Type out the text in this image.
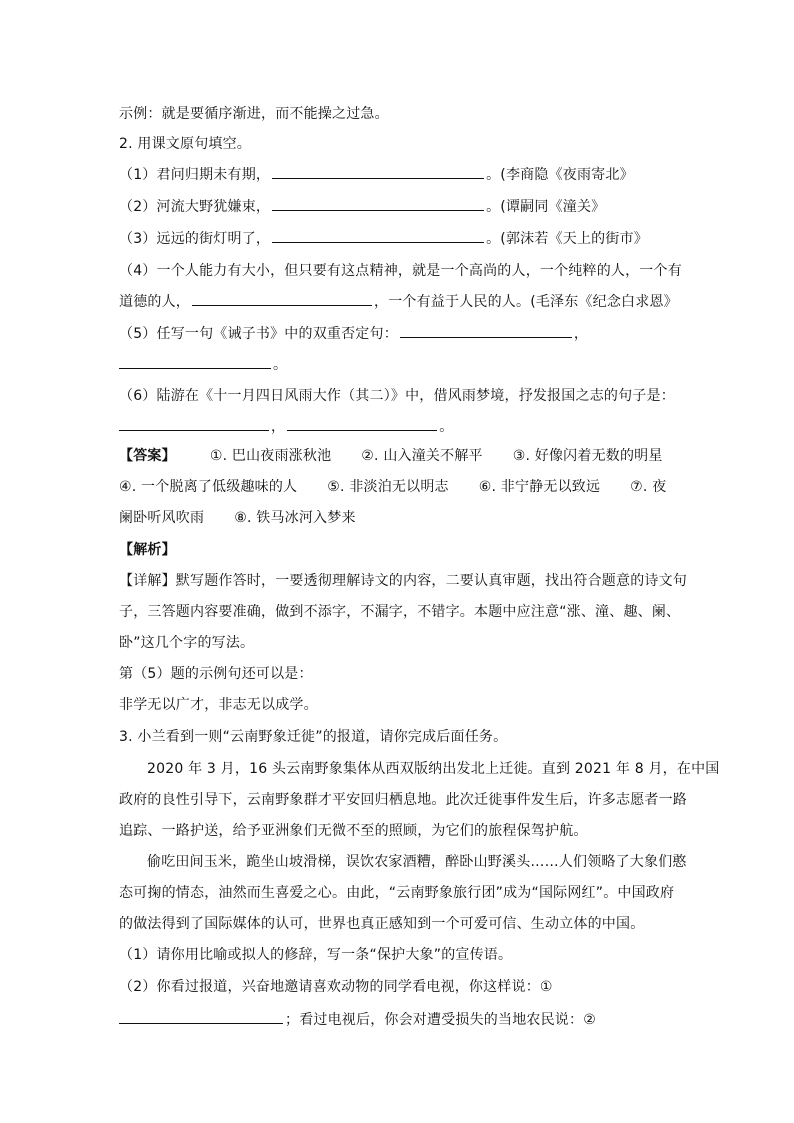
示例：就是要循序渐进，而不能操之过急。
2. 用课文原句填空。
（1）君问归期未有期，	。(李商隐《夜雨寄北》
（2）河流大野犹嫌束，	。(谭嗣同《潼关》
（3）远远的街灯明了，	。(郭沫若《天上的街市》
（4）一个人能力有大小，但只要有这点精神，就是一个高尚的人，一个纯粹的人，一个有
道德的人，	，一个有益于人民的人。(毛泽东《纪念白求恩》
（5）任写一句《诫子书》中的双重否定句：	，
。
（6）陆游在《十一月四日风雨大作（其二）》中，借风雨梦境，抒发报国之志的句子是：
，	。
【答案】 ①. 巴山夜雨涨秋池 ②. 山入潼关不解平 ③. 好像闪着无数的明星
④. 一个脱离了低级趣味的人 ⑤. 非淡泊无以明志 ⑥. 非宁静无以致远 ⑦. 夜
阑卧听风吹雨 ⑧. 铁马冰河入梦来
【解析】
【详解】默写题作答时，一要透彻理解诗文的内容，二要认真审题，找出符合题意的诗文句
子，三答题内容要准确，做到不添字，不漏字，不错字。本题中应注意“涨、潼、趣、阑、
卧”这几个字的写法。
第（5）题的示例句还可以是：
非学无以广才，非志无以成学。
3. 小兰看到一则“云南野象迁徙”的报道，请你完成后面任务。
2020 年 3 月，16 头云南野象集体从西双版纳出发北上迁徙。直到 2021 年 8 月，在中国
政府的良性引导下，云南野象群才平安回归栖息地。此次迁徙事件发生后，许多志愿者一路
追踪、一路护送，给予亚洲象们无微不至的照顾，为它们的旅程保驾护航。
偷吃田间玉米，跪坐山坡滑梯，误饮农家酒糟，醉卧山野溪头……人们领略了大象们憨
态可掬的情态，油然而生喜爱之心。由此，“云南野象旅行团”成为“国际网红”。中国政府
的做法得到了国际媒体的认可，世界也真正感知到一个可爱可信、生动立体的中国。
（1）请你用比喻或拟人的修辞，写一条“保护大象”的宣传语。
（2）你看过报道，兴奋地邀请喜欢动物的同学看电视，你这样说：①
；看过电视后，你会对遭受损失的当地农民说：②
